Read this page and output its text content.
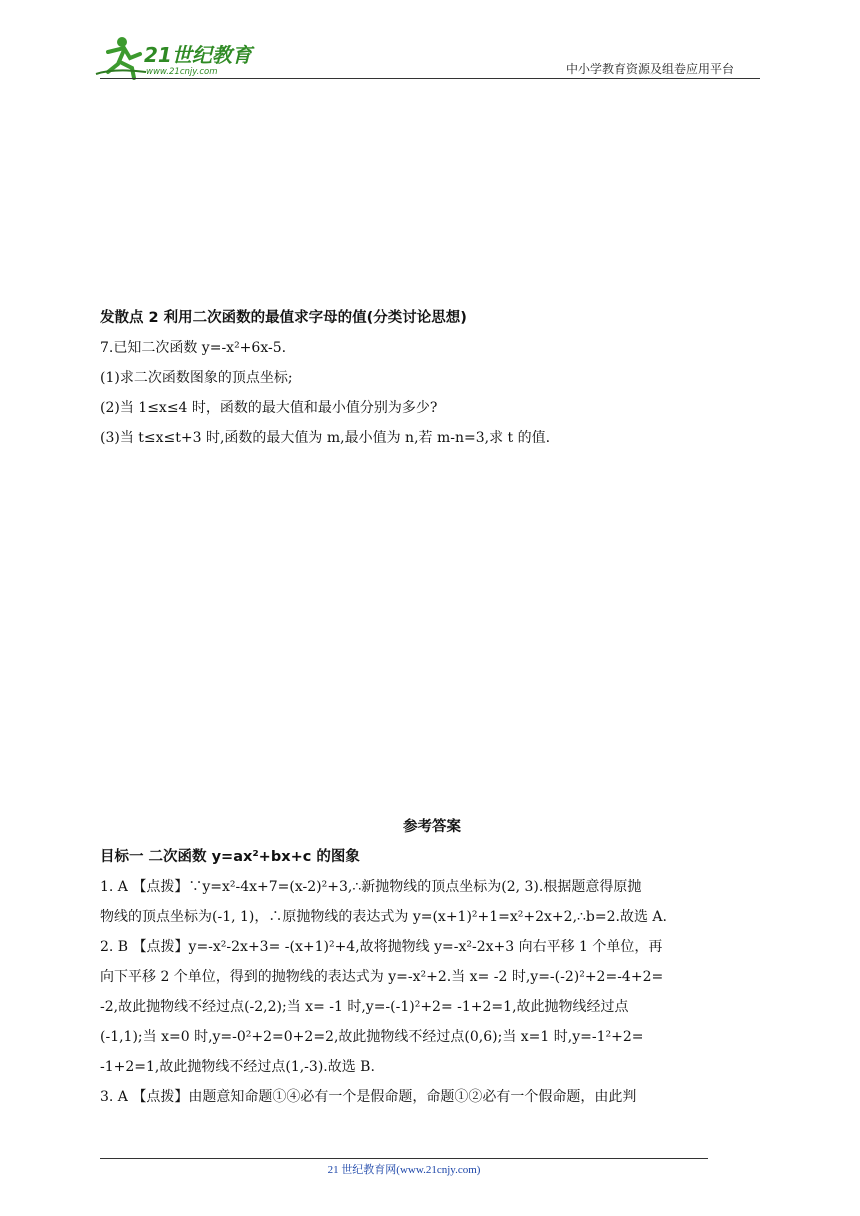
21世纪教育
www.21cnjy.com	中小学教育资源及组卷应用平台

发散点 2 利用二次函数的最值求字母的值(分类讨论思想)

7.已知二次函数 y=-x²+6x-5.

(1)求二次函数图象的顶点坐标;

(2)当 1≤x≤4 时，函数的最大值和最小值分别为多少?

(3)当 t≤x≤t+3 时,函数的最大值为 m,最小值为 n,若 m-n=3,求 t 的值.

参考答案

目标一 二次函数 y=ax²+bx+c 的图象

1. A 【点拨】∵y=x²-4x+7=(x-2)²+3,∴新抛物线的顶点坐标为(2, 3).根据题意得原抛

物线的顶点坐标为(-1, 1)，∴原抛物线的表达式为 y=(x+1)²+1=x²+2x+2,∴b=2.故选 A.

2. B 【点拨】y=-x²-2x+3= -(x+1)²+4,故将抛物线 y=-x²-2x+3 向右平移 1 个单位，再

向下平移 2 个单位，得到的抛物线的表达式为 y=-x²+2.当 x= -2 时,y=-(-2)²+2=-4+2=

-2,故此抛物线不经过点(-2,2);当 x= -1 时,y=-(-1)²+2= -1+2=1,故此抛物线经过点

(-1,1);当 x=0 时,y=-0²+2=0+2=2,故此抛物线不经过点(0,6);当 x=1 时,y=-1²+2=

-1+2=1,故此抛物线不经过点(1,-3).故选 B.

3. A 【点拨】由题意知命题①④必有一个是假命题，命题①②必有一个假命题，由此判

21 世纪教育网(www.21cnjy.com)
